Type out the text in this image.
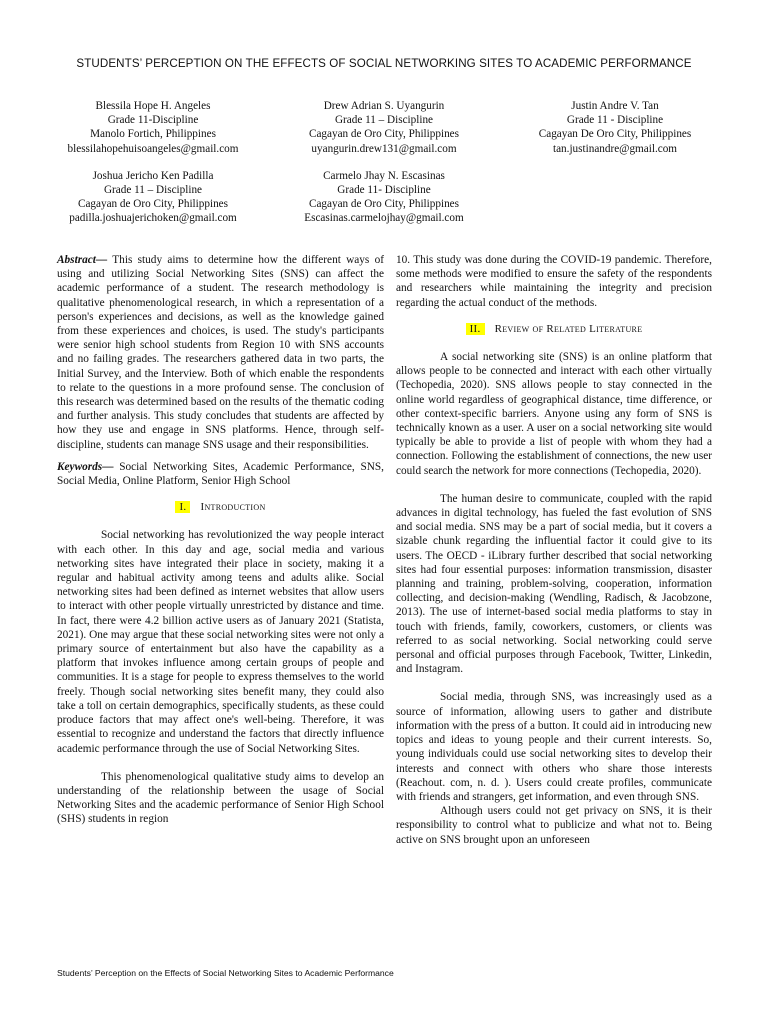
STUDENTS’ PERCEPTION ON THE EFFECTS OF SOCIAL NETWORKING SITES TO ACADEMIC PERFORMANCE
Blessila Hope H. Angeles
Grade 11-Discipline
Manolo Fortich, Philippines
blessilahopehuisoangeles@gmail.com
Drew Adrian S. Uyangurin
Grade 11 – Discipline
Cagayan de Oro City, Philippines
uyangurin.drew131@gmail.com
Justin Andre V. Tan
Grade 11 - Discipline
Cagayan De Oro City, Philippines
tan.justinandre@gmail.com
Joshua Jericho Ken Padilla
Grade 11 – Discipline
Cagayan de Oro City, Philippines
padilla.joshuajerichoken@gmail.com
Carmelo Jhay N. Escasinas
Grade 11- Discipline
Cagayan de Oro City, Philippines
Escasinas.carmelojhay@gmail.com

Abstract— This study aims to determine how the different ways of using and utilizing Social Networking Sites (SNS) can affect the academic performance of a student. The research methodology is qualitative phenomenological research, in which a representation of a person's experiences and decisions, as well as the knowledge gained from these experiences and choices, is used. The study's participants were senior high school students from Region 10 with SNS accounts and no failing grades. The researchers gathered data in two parts, the Initial Survey, and the Interview. Both of which enable the respondents to relate to the questions in a more profound sense. The conclusion of this research was determined based on the results of the thematic coding and further analysis. This study concludes that students are affected by how they use and engage in SNS platforms. Hence, through self-discipline, students can manage SNS usage and their responsibilities.

Keywords— Social Networking Sites, Academic Performance, SNS, Social Media, Online Platform, Senior High School

I. Introduction

Social networking has revolutionized the way people interact with each other. In this day and age, social media and various networking sites have integrated their place in society, making it a regular and habitual activity among teens and adults alike. Social networking sites had been defined as internet websites that allow users to interact with other people virtually unrestricted by distance and time. In fact, there were 4.2 billion active users as of January 2021 (Statista, 2021). One may argue that these social networking sites were not only a primary source of entertainment but also have the capability as a platform that invokes influence among certain groups of people and communities. It is a stage for people to express themselves to the world freely. Though social networking sites benefit many, they could also take a toll on certain demographics, specifically students, as these could produce factors that may affect one's well-being. Therefore, it was essential to recognize and understand the factors that directly influence academic performance through the use of Social Networking Sites.

This phenomenological qualitative study aims to develop an understanding of the relationship between the usage of Social Networking Sites and the academic performance of Senior High School (SHS) students in region

10. This study was done during the COVID-19 pandemic. Therefore, some methods were modified to ensure the safety of the respondents and researchers while maintaining the integrity and precision regarding the actual conduct of the methods.

II. Review of Related Literature

A social networking site (SNS) is an online platform that allows people to be connected and interact with each other virtually (Techopedia, 2020). SNS allows people to stay connected in the online world regardless of geographical distance, time difference, or other context-specific barriers. Anyone using any form of SNS is technically known as a user. A user on a social networking site would typically be able to provide a list of people with whom they had a connection. Following the establishment of connections, the new user could search the network for more connections (Techopedia, 2020).

The human desire to communicate, coupled with the rapid advances in digital technology, has fueled the fast evolution of SNS and social media. SNS may be a part of social media, but it covers a sizable chunk regarding the influential factor it could give to its users. The OECD - iLibrary further described that social networking sites had four essential purposes: information transmission, disaster planning and training, problem-solving, cooperation, information collecting, and decision-making (Wendling, Radisch, & Jacobzone, 2013). The use of internet-based social media platforms to stay in touch with friends, family, coworkers, customers, or clients was referred to as social networking. Social networking could serve personal and official purposes through Facebook, Twitter, Linkedin, and Instagram.

Social media, through SNS, was increasingly used as a source of information, allowing users to gather and distribute information with the press of a button. It could aid in introducing new topics and ideas to young people and their current interests. So, young individuals could use social networking sites to develop their interests and connect with others who share those interests (Reachout. com, n. d. ). Users could create profiles, communicate with friends and strangers, get information, and even through SNS.

Although users could not get privacy on SNS, it is their responsibility to control what to publicize and what not to. Being active on SNS brought upon an unforeseen

Students’ Perception on the Effects of Social Networking Sites to Academic Performance
